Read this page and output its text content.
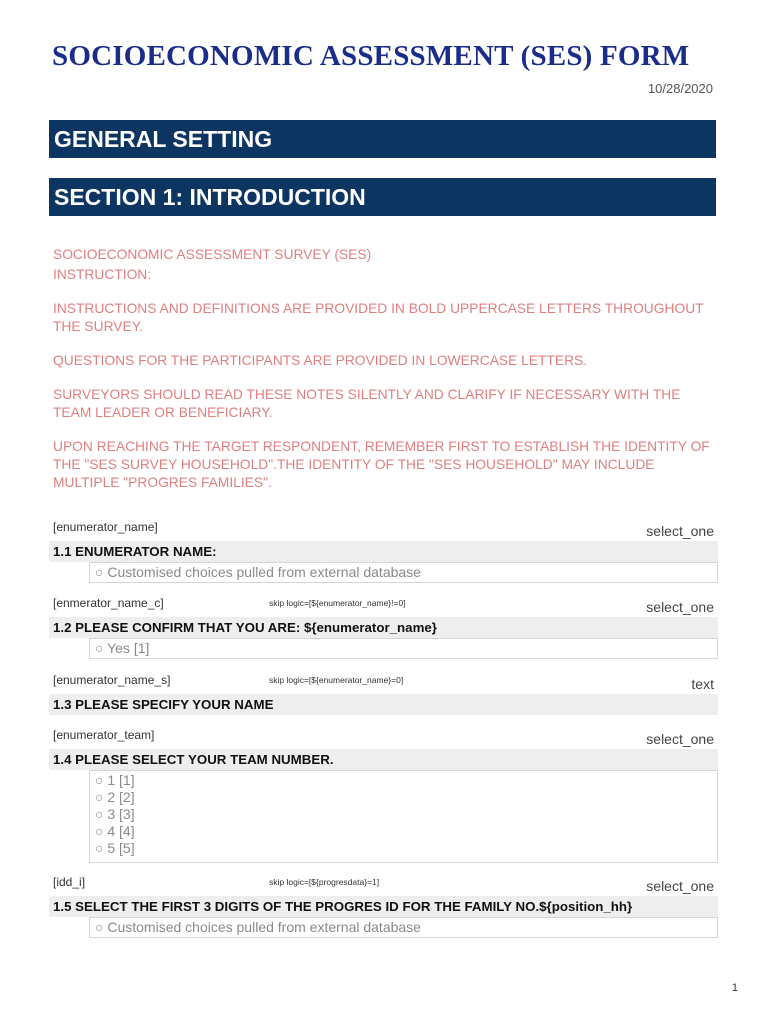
SOCIOECONOMIC ASSESSMENT (SES) FORM
10/28/2020
GENERAL SETTING
SECTION 1: INTRODUCTION

SOCIOECONOMIC ASSESSMENT SURVEY (SES)

INSTRUCTION:

INSTRUCTIONS AND DEFINITIONS ARE PROVIDED IN BOLD UPPERCASE LETTERS THROUGHOUT THE SURVEY.

QUESTIONS FOR THE PARTICIPANTS ARE PROVIDED IN LOWERCASE LETTERS.

SURVEYORS SHOULD READ THESE NOTES SILENTLY AND CLARIFY IF NECESSARY WITH THE TEAM LEADER OR BENEFICIARY.

UPON REACHING THE TARGET RESPONDENT, REMEMBER FIRST TO ESTABLISH THE IDENTITY OF THE "SES SURVEY HOUSEHOLD".THE IDENTITY OF THE "SES HOUSEHOLD" MAY INCLUDE MULTIPLE "PROGRES FAMILIES".

[enumerator_name]	select_one
1.1 ENUMERATOR NAME:
○ Customised choices pulled from external database
[enmerator_name_c]	skip logic=[${enumerator_name}!=0]	select_one
1.2 PLEASE CONFIRM THAT YOU ARE: ${enumerator_name}
○ Yes [1]
[enumerator_name_s]	skip logic=[${enumerator_name}=0]	text
1.3 PLEASE SPECIFY YOUR NAME
[enumerator_team]	select_one
1.4 PLEASE SELECT YOUR TEAM NUMBER.
○ 1 [1]
○ 2 [2]
○ 3 [3]
○ 4 [4]
○ 5 [5]
[idd_i]	skip logic=[${progresdata}=1]	select_one
1.5 SELECT THE FIRST 3 DIGITS OF THE PROGRES ID FOR THE FAMILY NO.${position_hh}
○ Customised choices pulled from external database
1
